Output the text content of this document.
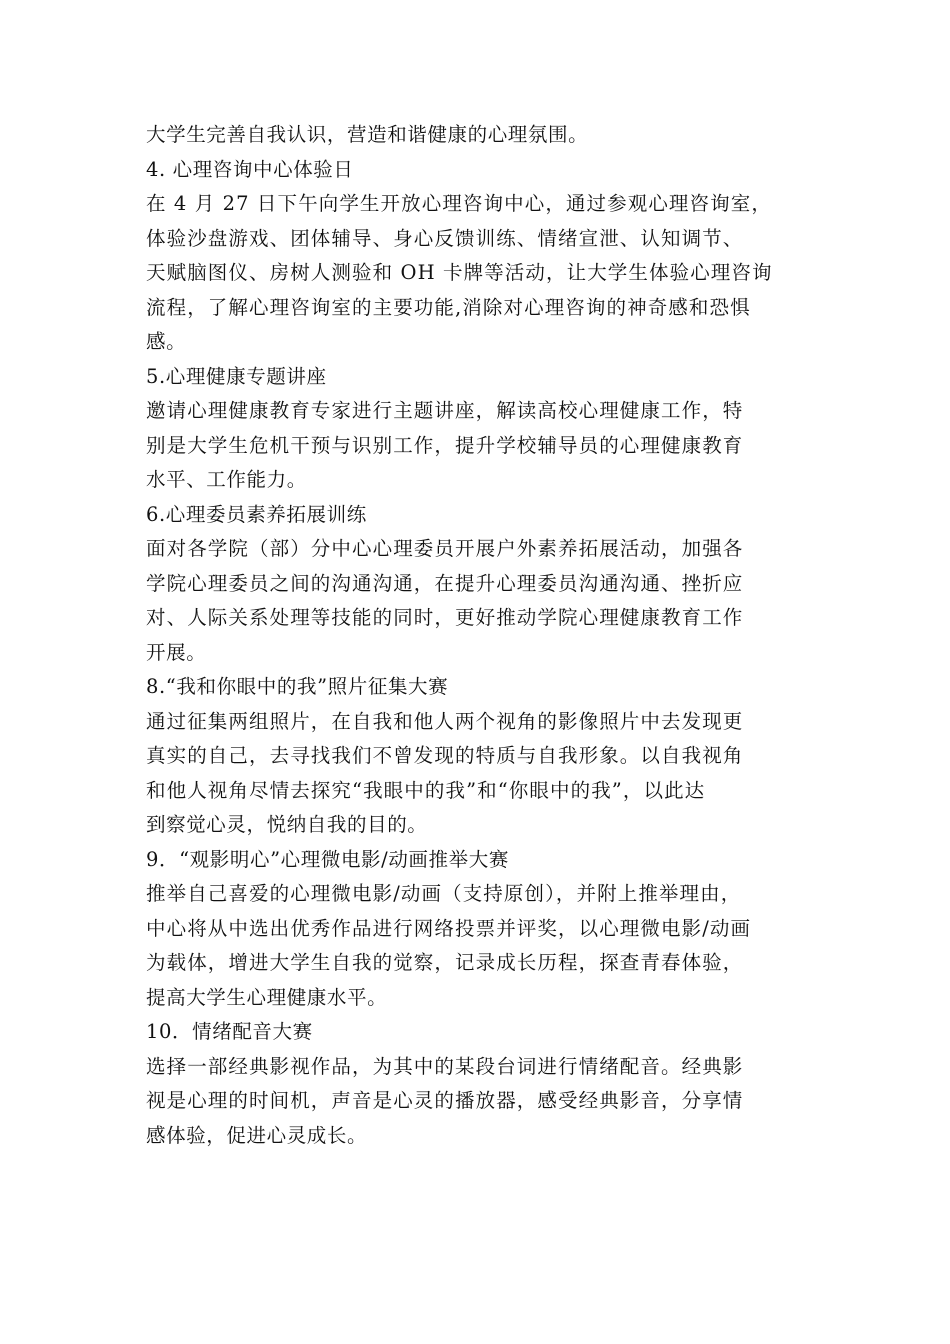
大学生完善自我认识，营造和谐健康的心理氛围。
4. 心理咨询中心体验日
在 4 月 27 日下午向学生开放心理咨询中心，通过参观心理咨询室，
体验沙盘游戏、团体辅导、身心反馈训练、情绪宣泄、认知调节、
天赋脑图仪、房树人测验和 OH 卡牌等活动，让大学生体验心理咨询
流程，了解心理咨询室的主要功能,消除对心理咨询的神奇感和恐惧
感。
5.心理健康专题讲座
邀请心理健康教育专家进行主题讲座，解读高校心理健康工作，特
别是大学生危机干预与识别工作，提升学校辅导员的心理健康教育
水平、工作能力。
6.心理委员素养拓展训练
面对各学院（部）分中心心理委员开展户外素养拓展活动，加强各
学院心理委员之间的沟通沟通，在提升心理委员沟通沟通、挫折应
对、人际关系处理等技能的同时，更好推动学院心理健康教育工作
开展。
8.“我和你眼中的我”照片征集大赛
通过征集两组照片，在自我和他人两个视角的影像照片中去发现更
真实的自己，去寻找我们不曾发现的特质与自我形象。以自我视角
和他人视角尽情去探究“我眼中的我”和“你眼中的我”，以此达
到察觉心灵，悦纳自我的目的。
9．“观影明心”心理微电影/动画推举大赛
推举自己喜爱的心理微电影/动画（支持原创），并附上推举理由，
中心将从中选出优秀作品进行网络投票并评奖，以心理微电影/动画
为载体，增进大学生自我的觉察，记录成长历程，探查青春体验，
提高大学生心理健康水平。
10．情绪配音大赛
选择一部经典影视作品，为其中的某段台词进行情绪配音。经典影
视是心理的时间机，声音是心灵的播放器，感受经典影音，分享情
感体验，促进心灵成长。
